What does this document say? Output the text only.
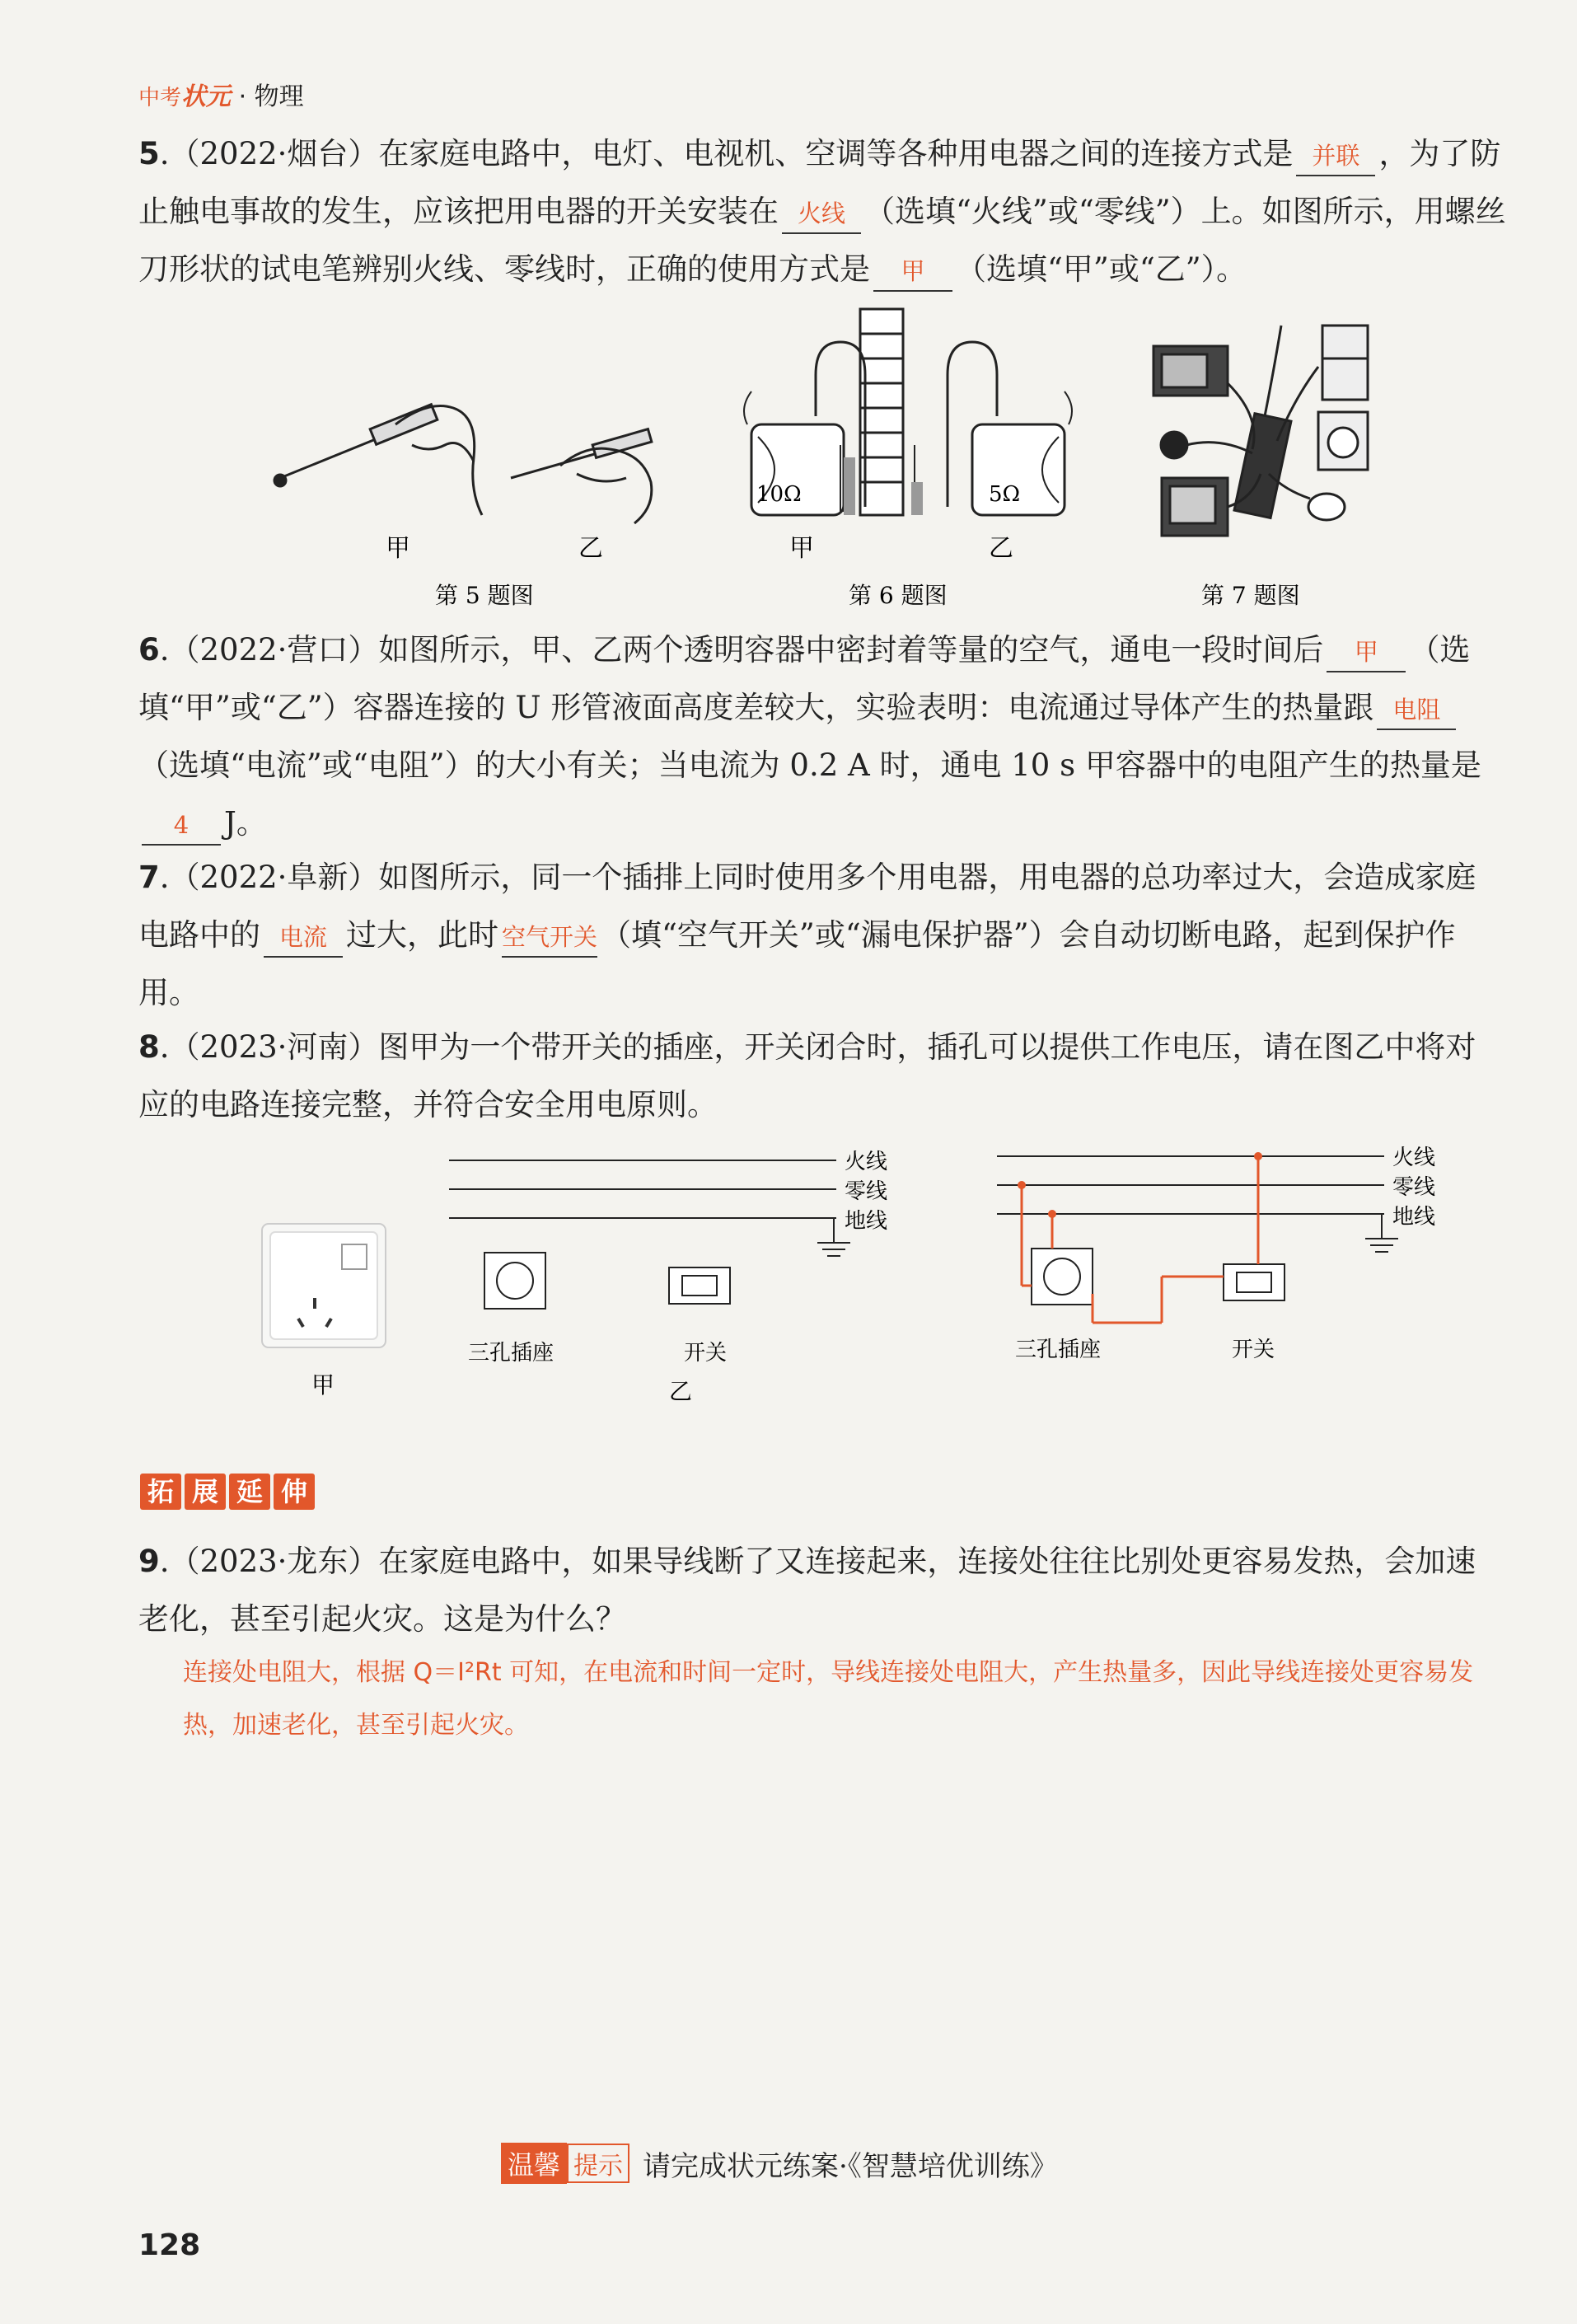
中考状元 · 物理
5.（2022·烟台）在家庭电路中，电灯、电视机、空调等各种用电器之间的连接方式是 并联 ，为了防止触电事故的发生，应该把用电器的开关安装在 火线 （选填“火线”或“零线”）上。如图所示，用螺丝刀形状的试电笔辨别火线、零线时，正确的使用方式是 甲 （选填“甲”或“乙”）。
甲	乙
第 5 题图
10Ω	5Ω
甲	乙
第 6 题图	第 7 题图
6.（2022·营口）如图所示，甲、乙两个透明容器中密封着等量的空气，通电一段时间后 甲 （选填“甲”或“乙”）容器连接的 U 形管液面高度差较大，实验表明：电流通过导体产生的热量跟 电阻（选填“电流”或“电阻”）的大小有关；当电流为 0.2 A 时，通电 10 s 甲容器中的电阻产生的热量是4 J。
7.（2022·阜新）如图所示，同一个插排上同时使用多个用电器，用电器的总功率过大，会造成家庭电路中的 电流 过大，此时 空气开关 （填“空气开关”或“漏电保护器”）会自动切断电路，起到保护作用。
8.（2023·河南）图甲为一个带开关的插座，开关闭合时，插孔可以提供工作电压，请在图乙中将对应的电路连接完整，并符合安全用电原则。
甲
火线
零线
地线
三孔插座	开关
乙
火线
零线
地线
三孔插座	开关
拓 展 延 伸
9.（2023·龙东）在家庭电路中，如果导线断了又连接起来，连接处往往比别处更容易发热，会加速老化，甚至引起火灾。这是为什么？
连接处电阻大，根据 Q＝I²Rt 可知，在电流和时间一定时，导线连接处电阻大，产生热量多，因此导线连接处更容易发热，加速老化，甚至引起火灾。
温馨 提示 请完成状元练案·《智慧培优训练》
128
